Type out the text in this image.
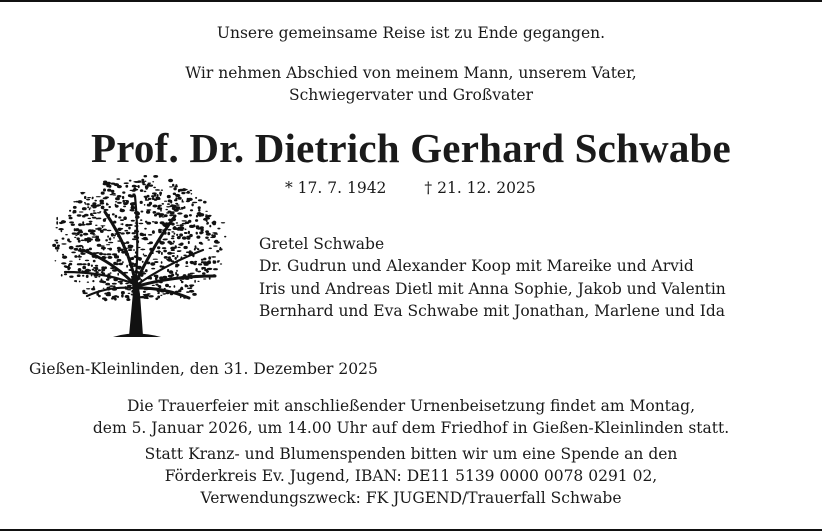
Unsere gemeinsame Reise ist zu Ende gegangen.
Wir nehmen Abschied von meinem Mann, unserem Vater,
Schwiegervater und Großvater
Prof. Dr. Dietrich Gerhard Schwabe
* 17. 7. 1942 † 21. 12. 2025
Gretel Schwabe
Dr. Gudrun und Alexander Koop mit Mareike und Arvid
Iris und Andreas Dietl mit Anna Sophie, Jakob und Valentin
Bernhard und Eva Schwabe mit Jonathan, Marlene und Ida
Gießen-Kleinlinden, den 31. Dezember 2025
Die Trauerfeier mit anschließender Urnenbeisetzung findet am Montag,
dem 5. Januar 2026, um 14.00 Uhr auf dem Friedhof in Gießen-Kleinlinden statt.
Statt Kranz- und Blumenspenden bitten wir um eine Spende an den
Förderkreis Ev. Jugend, IBAN: DE11 5139 0000 0078 0291 02,
Verwendungszweck: FK JUGEND/Trauerfall Schwabe
